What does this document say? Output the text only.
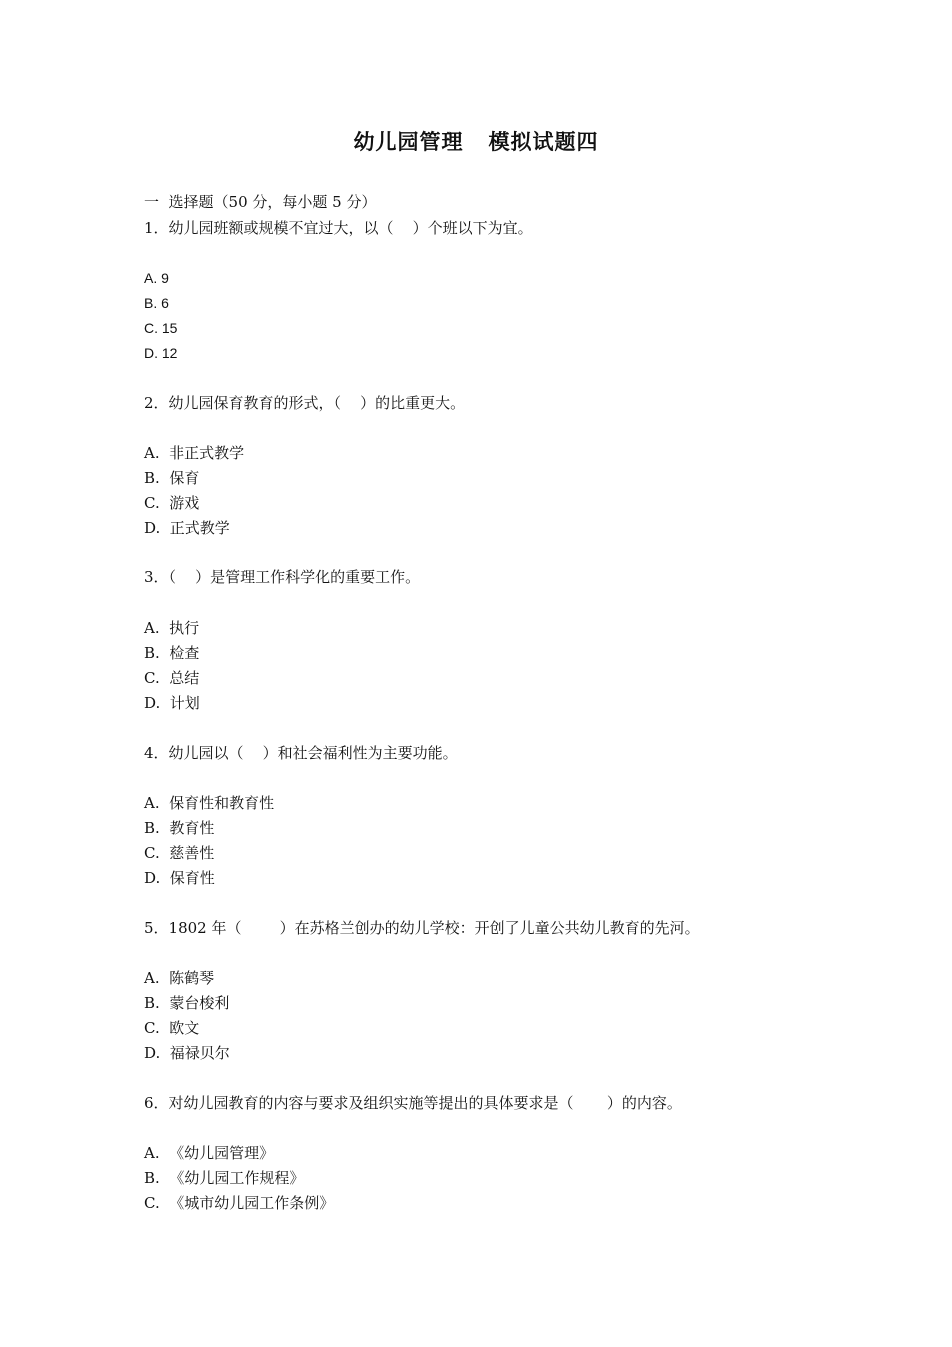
幼儿园管理   模拟试题四
一  选择题（50 分，每小题 5 分）
1．幼儿园班额或规模不宜过大，以（    ）个班以下为宜。
A. 9
B. 6
C. 15
D. 12
2．幼儿园保育教育的形式，（    ）的比重更大。
A.  非正式教学
B.  保育
C.  游戏
D.  正式教学
3．（    ）是管理工作科学化的重要工作。
A.  执行
B.  检查
C.  总结
D.  计划
4．幼儿园以（    ）和社会福利性为主要功能。
A.  保育性和教育性
B.  教育性
C.  慈善性
D.  保育性
5．1802 年（        ）在苏格兰创办的幼儿学校：开创了儿童公共幼儿教育的先河。
A.  陈鹤琴
B.  蒙台梭利
C.  欧文
D.  福禄贝尔
6．对幼儿园教育的内容与要求及组织实施等提出的具体要求是（       ）的内容。
A.  《幼儿园管理》
B.  《幼儿园工作规程》
C.  《城市幼儿园工作条例》
